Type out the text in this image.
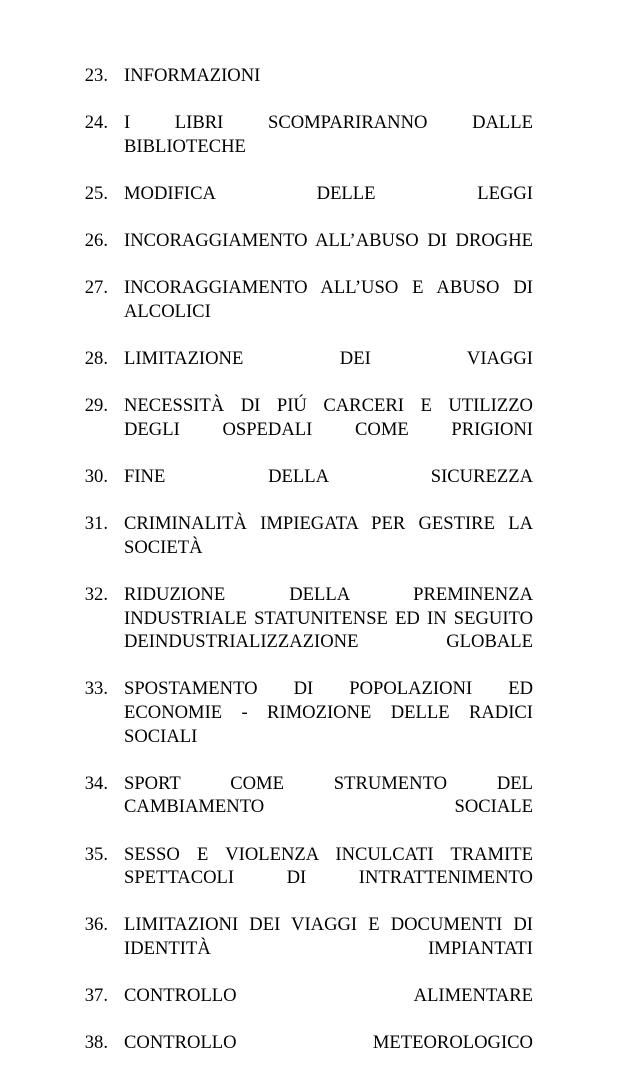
23. INFORMAZIONI
24. I LIBRI SCOMPARIRANNO DALLE BIBLIOTECHE
25. MODIFICA DELLE LEGGI
26. INCORAGGIAMENTO ALL’ABUSO DI DROGHE
27. INCORAGGIAMENTO ALL’USO E ABUSO DI ALCOLICI
28. LIMITAZIONE DEI VIAGGI
29. NECESSITÀ DI PIÚ CARCERI E UTILIZZO DEGLI OSPEDALI COME PRIGIONI
30. FINE DELLA SICUREZZA
31. CRIMINALITÀ IMPIEGATA PER GESTIRE LA SOCIETÀ
32. RIDUZIONE DELLA PREMINENZA INDUSTRIALE STATUNITENSE ED IN SEGUITO DEINDUSTRIALIZZAZIONE GLOBALE
33. SPOSTAMENTO DI POPOLAZIONI ED ECONOMIE - RIMOZIONE DELLE RADICI SOCIALI
34. SPORT COME STRUMENTO DEL CAMBIAMENTO SOCIALE
35. SESSO E VIOLENZA INCULCATI TRAMITE SPETTACOLI DI INTRATTENIMENTO
36. LIMITAZIONI DEI VIAGGI E DOCUMENTI DI IDENTITÀ IMPIANTATI
37. CONTROLLO ALIMENTARE
38. CONTROLLO METEOROLOGICO
